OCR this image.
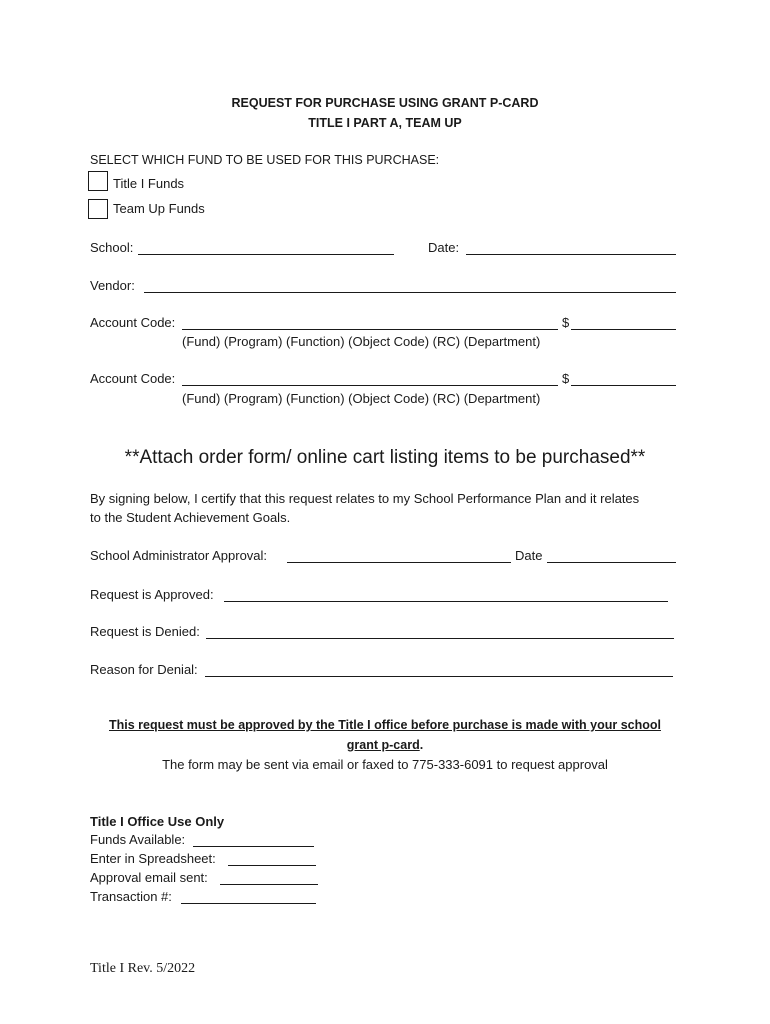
REQUEST FOR PURCHASE USING GRANT P-CARD
TITLE I PART A, TEAM UP
SELECT WHICH FUND TO BE USED FOR THIS PURCHASE:
Title I Funds
Team Up Funds
School:	Date:
Vendor:
Account Code:	$
(Fund) (Program) (Function) (Object Code) (RC) (Department)
Account Code:	$
(Fund) (Program) (Function) (Object Code) (RC) (Department)
**Attach order form/ online cart listing items to be purchased**
By signing below, I certify that this request relates to my School Performance Plan and it relates
to the Student Achievement Goals.
School Administrator Approval:	Date
Request is Approved:
Request is Denied:
Reason for Denial:
This request must be approved by the Title I office before purchase is made with your school
grant p-card.
The form may be sent via email or faxed to 775-333-6091 to request approval
Title I Office Use Only
Funds Available:
Enter in Spreadsheet:
Approval email sent:
Transaction #:
Title I Rev. 5/2022
